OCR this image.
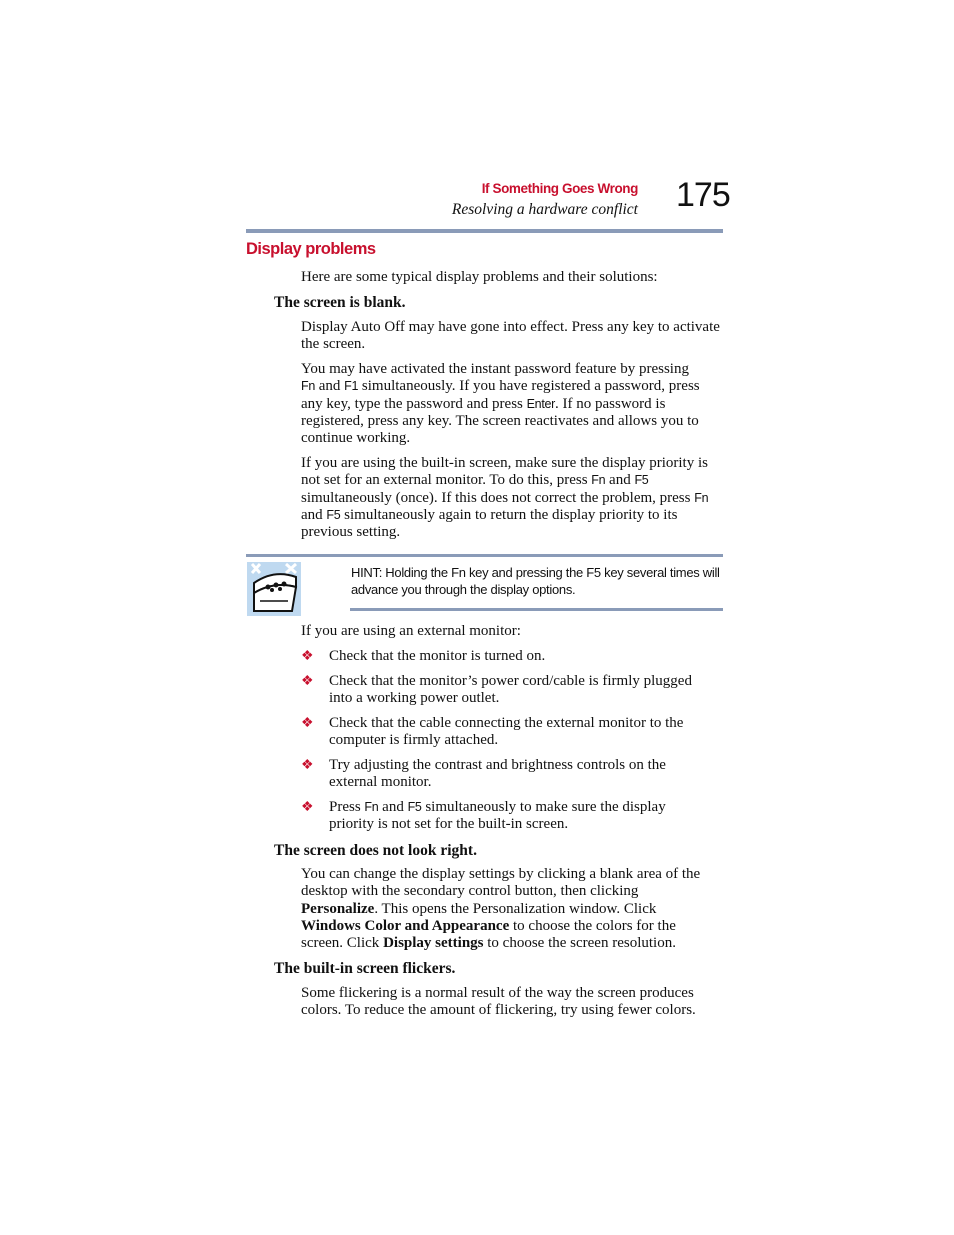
If Something Goes Wrong
Resolving a hardware conflict 175
Display problems
Here are some typical display problems and their solutions:
The screen is blank.
Display Auto Off may have gone into effect. Press any key to activate the screen.
You may have activated the instant password feature by pressing
Fn and F1 simultaneously. If you have registered a password, press
any key, type the password and press Enter. If no password is
registered, press any key. The screen reactivates and allows you to
continue working.
If you are using the built-in screen, make sure the display priority is
not set for an external monitor. To do this, press Fn and F5
simultaneously (once). If this does not correct the problem, press Fn
and F5 simultaneously again to return the display priority to its
previous setting.
HINT: Holding the Fn key and pressing the F5 key several times will
advance you through the display options.
If you are using an external monitor:
❖ Check that the monitor is turned on.
❖ Check that the monitor’s power cord/cable is firmly plugged
into a working power outlet.
❖ Check that the cable connecting the external monitor to the
computer is firmly attached.
❖ Try adjusting the contrast and brightness controls on the
external monitor.
❖ Press Fn and F5 simultaneously to make sure the display
priority is not set for the built-in screen.
The screen does not look right.
You can change the display settings by clicking a blank area of the
desktop with the secondary control button, then clicking
Personalize. This opens the Personalization window. Click
Windows Color and Appearance to choose the colors for the
screen. Click Display settings to choose the screen resolution.
The built-in screen flickers.
Some flickering is a normal result of the way the screen produces
colors. To reduce the amount of flickering, try using fewer colors.
